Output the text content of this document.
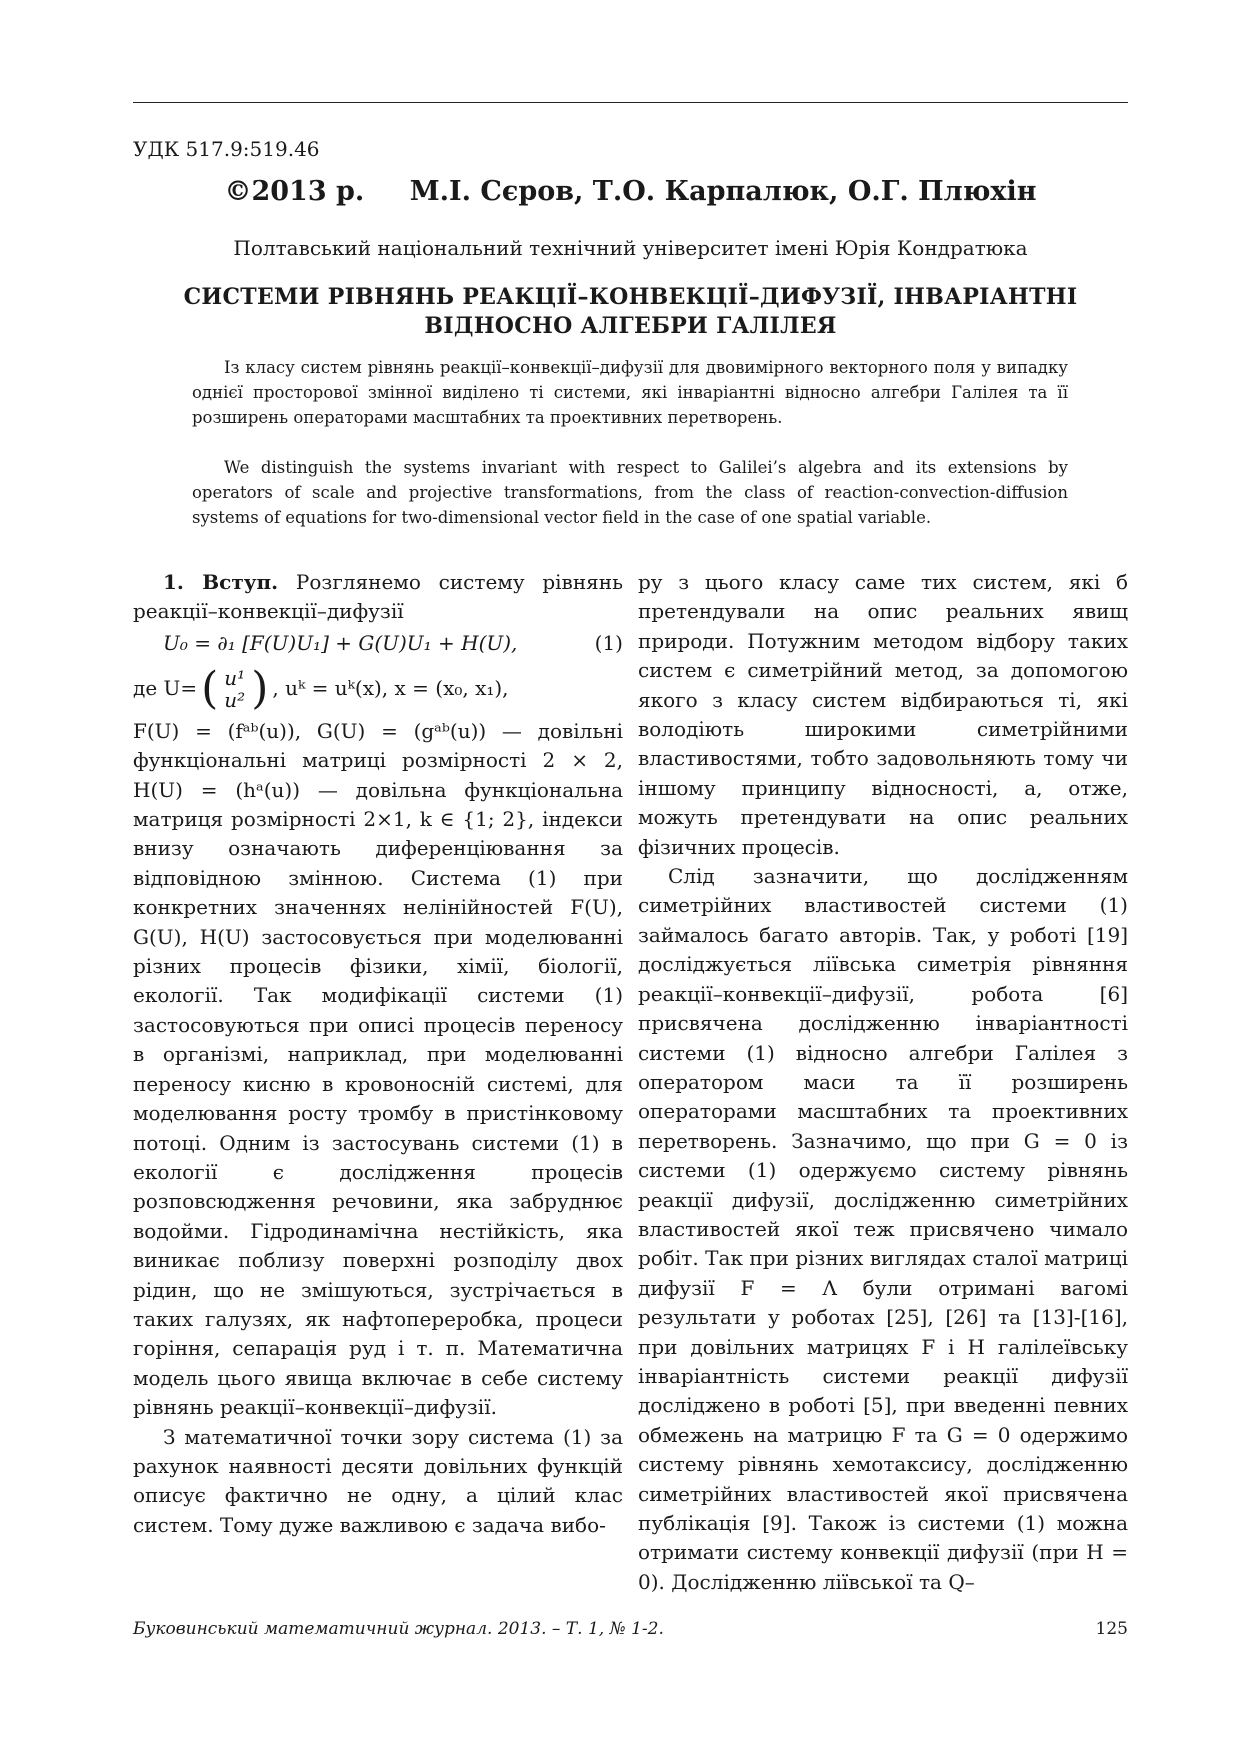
УДК 517.9:519.46
©2013 р. М.І. Сєров, Т.О. Карпалюк, О.Г. Плюхін
Полтавський національний технічний університет імені Юрія Кондратюка
СИСТЕМИ РІВНЯНЬ РЕАКЦІЇ–КОНВЕКЦІЇ–ДИФУЗІЇ, ІНВАРІАНТНІ
ВІДНОСНО АЛГЕБРИ ГАЛІЛЕЯ
Із класу систем рівнянь реакції–конвекції–дифузії для двовимірного векторного поля у випадку однієї просторової змінної виділено ті системи, які інваріантні відносно алгебри Галілея та її розширень операторами масштабних та проективних перетворень.
We distinguish the systems invariant with respect to Galilei’s algebra and its extensions by operators of scale and projective transformations, from the class of reaction-convection-diffusion systems of equations for two-dimensional vector field in the case of one spatial variable.

1. Вступ. Розглянемо систему рівнянь реакції–конвекції–дифузії

U₀ = ∂₁ [F(U)U₁] + G(U)U₁ + H(U),	(1)
де U= ( u¹
u² ) , uᵏ = uᵏ(x), x = (x₀, x₁),

F(U) = (fᵃᵇ(u)), G(U) = (gᵃᵇ(u)) — довільні функціональні матриці розмірності 2 × 2, H(U) = (hᵃ(u)) — довільна функціональна матриця розмірності 2×1, k ∈ {1; 2}, індекси внизу означають диференціювання за відповідною змінною. Система (1) при конкретних значеннях нелінійностей F(U), G(U), H(U) застосовується при моделюванні різних процесів фізики, хімії, біології, екології. Так модифікації системи (1) застосовуються при описі процесів переносу в організмі, наприклад, при моделюванні переносу кисню в кровоносній системі, для моделювання росту тромбу в пристінковому потоці. Одним із застосувань системи (1) в екології є дослідження процесів розповсюдження речовини, яка забруднює водойми. Гідродинамічна нестійкість, яка виникає поблизу поверхні розподілу двох рідин, що не змішуються, зустрічається в таких галузях, як нафтопереробка, процеси горіння, сепарація руд і т. п. Математична модель цього явища включає в себе систему рівнянь реакції–конвекції–дифузії.

З математичної точки зору система (1) за рахунок наявності десяти довільних функцій описує фактично не одну, а цілий клас систем. Тому дуже важливою є задача вибо-

ру з цього класу саме тих систем, які б претендували на опис реальних явищ природи. Потужним методом відбору таких систем є симетрійний метод, за допомогою якого з класу систем відбираються ті, які володіють широкими симетрійними властивостями, тобто задовольняють тому чи іншому принципу відносності, а, отже, можуть претендувати на опис реальних фізичних процесів.

Слід зазначити, що дослідженням симетрійних властивостей системи (1) займалось багато авторів. Так, у роботі [19] досліджується ліївська симетрія рівняння реакції–конвекції–дифузії, робота [6] присвячена дослідженню інваріантності системи (1) відносно алгебри Галілея з оператором маси та її розширень операторами масштабних та проективних перетворень. Зазначимо, що при G = 0 із системи (1) одержуємо систему рівнянь реакції дифузії, дослідженню симетрійних властивостей якої теж присвячено чимало робіт. Так при різних виглядах сталої матриці дифузії F = Λ були отримані вагомі результати у роботах [25], [26] та [13]-[16], при довільних матрицях F і H галілеївську інваріантність системи реакції дифузії досліджено в роботі [5], при введенні певних обмежень на матрицю F та G = 0 одержимо систему рівнянь хемотаксису, дослідженню симетрійних властивостей якої присвячена публікація [9]. Також із системи (1) можна отримати систему конвекції дифузії (при H = 0). Дослідженню ліївської та Q–

Буковинський математичний журнал. 2013. – Т. 1, № 1-2.	125
